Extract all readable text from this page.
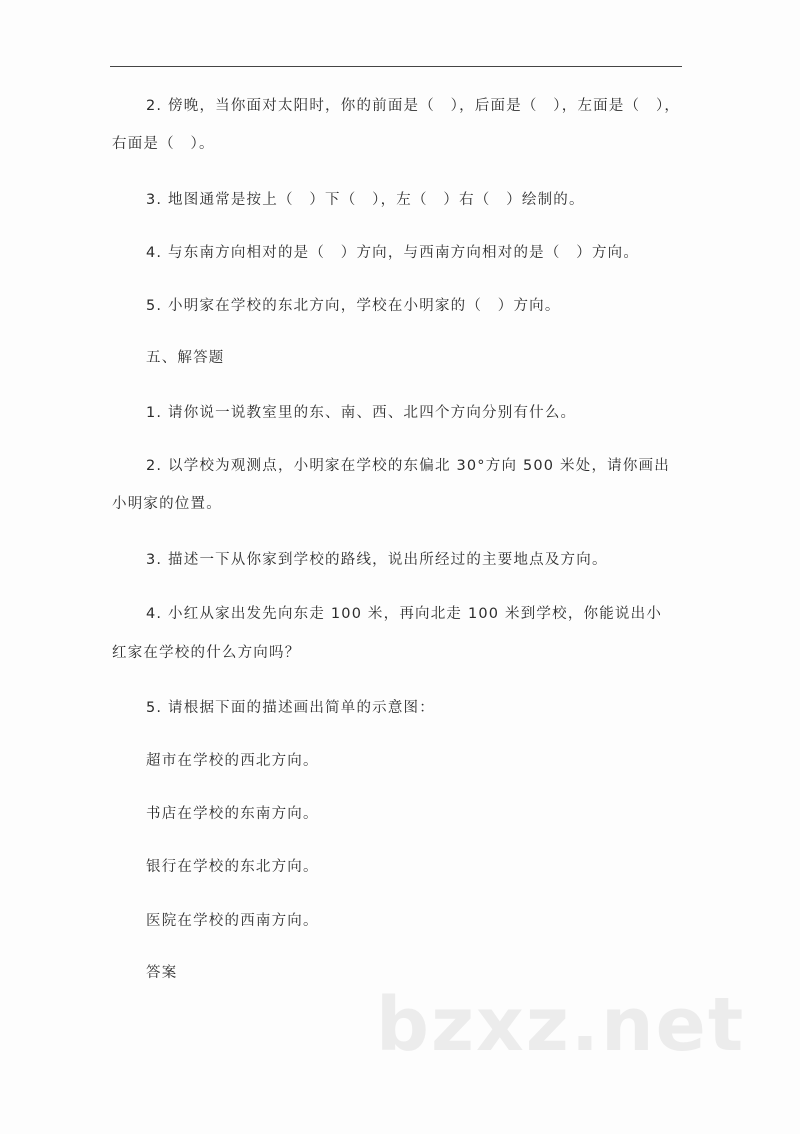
2. 傍晚，当你面对太阳时，你的前面是（　），后面是（　），左面是（　），
右面是（　）。
3. 地图通常是按上（　）下（　），左（　）右（　）绘制的。
4. 与东南方向相对的是（　）方向，与西南方向相对的是（　）方向。
5. 小明家在学校的东北方向，学校在小明家的（　）方向。
五、解答题
1. 请你说一说教室里的东、南、西、北四个方向分别有什么。
2. 以学校为观测点，小明家在学校的东偏北 30°方向 500 米处，请你画出
小明家的位置。
3. 描述一下从你家到学校的路线，说出所经过的主要地点及方向。
4. 小红从家出发先向东走 100 米，再向北走 100 米到学校，你能说出小
红家在学校的什么方向吗？
5. 请根据下面的描述画出简单的示意图：
超市在学校的西北方向。
书店在学校的东南方向。
银行在学校的东北方向。
医院在学校的西南方向。
答案
bzxz.net
